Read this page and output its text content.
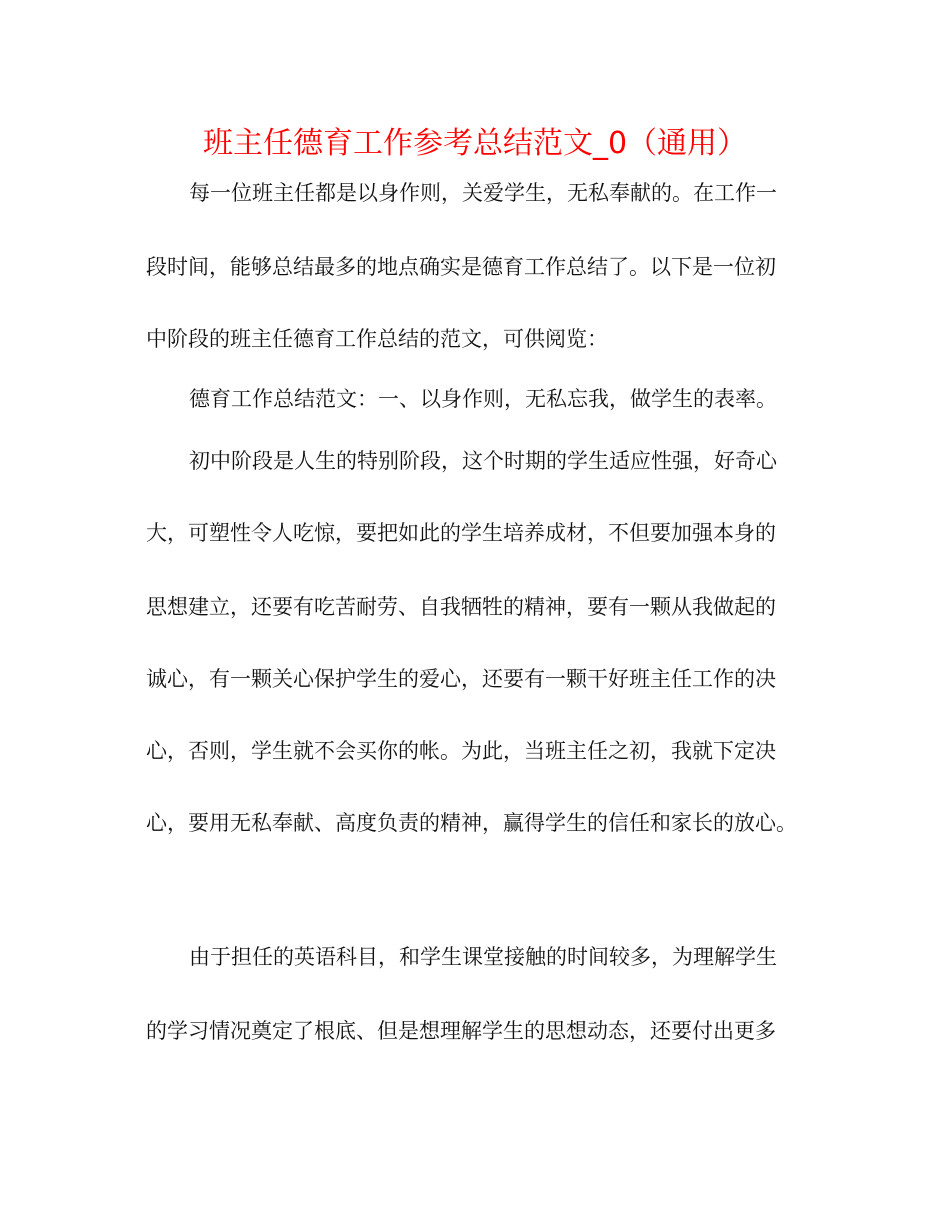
班主任德育工作参考总结范文_0（通用）
每一位班主任都是以身作则，关爱学生，无私奉献的。在工作一
段时间，能够总结最多的地点确实是德育工作总结了。以下是一位初
中阶段的班主任德育工作总结的范文，可供阅览：
德育工作总结范文：一、以身作则，无私忘我，做学生的表率。
初中阶段是人生的特别阶段，这个时期的学生适应性强，好奇心
大，可塑性令人吃惊，要把如此的学生培养成材，不但要加强本身的
思想建立，还要有吃苦耐劳、自我牺牲的精神，要有一颗从我做起的
诚心，有一颗关心保护学生的爱心，还要有一颗干好班主任工作的决
心，否则，学生就不会买你的帐。为此，当班主任之初，我就下定决
心，要用无私奉献、高度负责的精神，赢得学生的信任和家长的放心。
由于担任的英语科目，和学生课堂接触的时间较多，为理解学生
的学习情况奠定了根底、但是想理解学生的思想动态，还要付出更多
